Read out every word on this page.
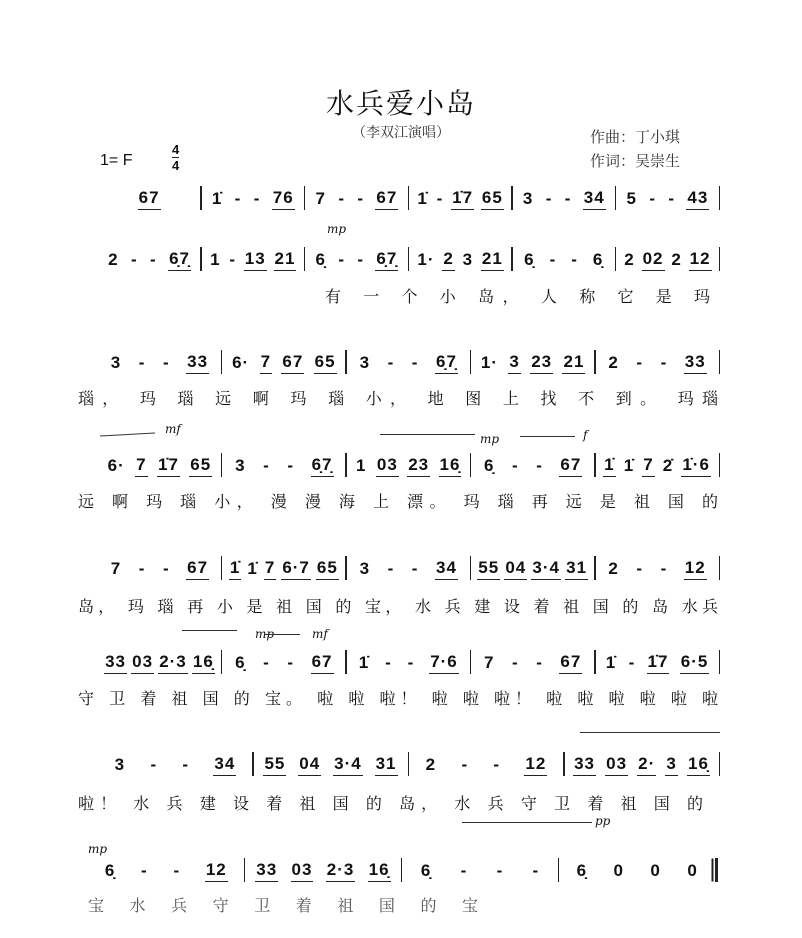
水兵爱小岛
（李双江演唱）	作曲：丁小琪
作词：吴崇生
1= F
4
4
67	1̇ - - 76 7 - - 67 1̇ - 1̇7 65 3 - - 34 5 - - 43
2 - - 6̣7̣ 1 - 13 21 6̣ - - 6̣7̣ 1· 2 3 21 6̣ - - 6̣ 2 02 2 12
3 - - 33 6· 7 67 65 3 - - 6̣7̣ 1· 3 23 21 2 - - 33
6· 7 1̇7 65 3 - - 6̣7̣ 1 03 23 16̣ 6̣ - - 67 1̇ 1̇ 7 2̇ 1̇·6
7 - - 67 1̇ 1̇ 7 6·7 65 3 - - 34 55 04 3·4 31 2 - - 12
33 03 2·3 16̣ 6̣ - - 67 1̇ - - 7·6 7 - - 67 1̇ - 1̇7 6·5
3 - - 34 55 04 3·4 31 2 - - 12 33 03 2· 3 16̣
6̣ - - 12 33 03 2·3 16̣ 6̣ - - - 6̣ 0 0 0
有 一 个 小 岛， 人 称 它 是 玛
瑙， 玛 瑙 远 啊 玛 瑙 小， 地 图 上 找 不 到。 玛瑙
远 啊 玛 瑙 小， 漫 漫 海 上 漂。 玛 瑙 再 远 是 祖 国 的
岛， 玛 瑙 再 小 是 祖 国 的 宝， 水 兵 建 设 着 祖 国 的 岛 水兵
守 卫 着 祖 国 的 宝。 啦 啦 啦！ 啦 啦 啦！ 啦 啦 啦 啦 啦 啦
啦！ 水 兵 建 设 着 祖 国 的 岛， 水 兵 守 卫 着 祖 国 的
宝 水 兵 守 卫 着 祖 国 的 宝
mp
mf
mp	f
mp	mf
pp
mp
